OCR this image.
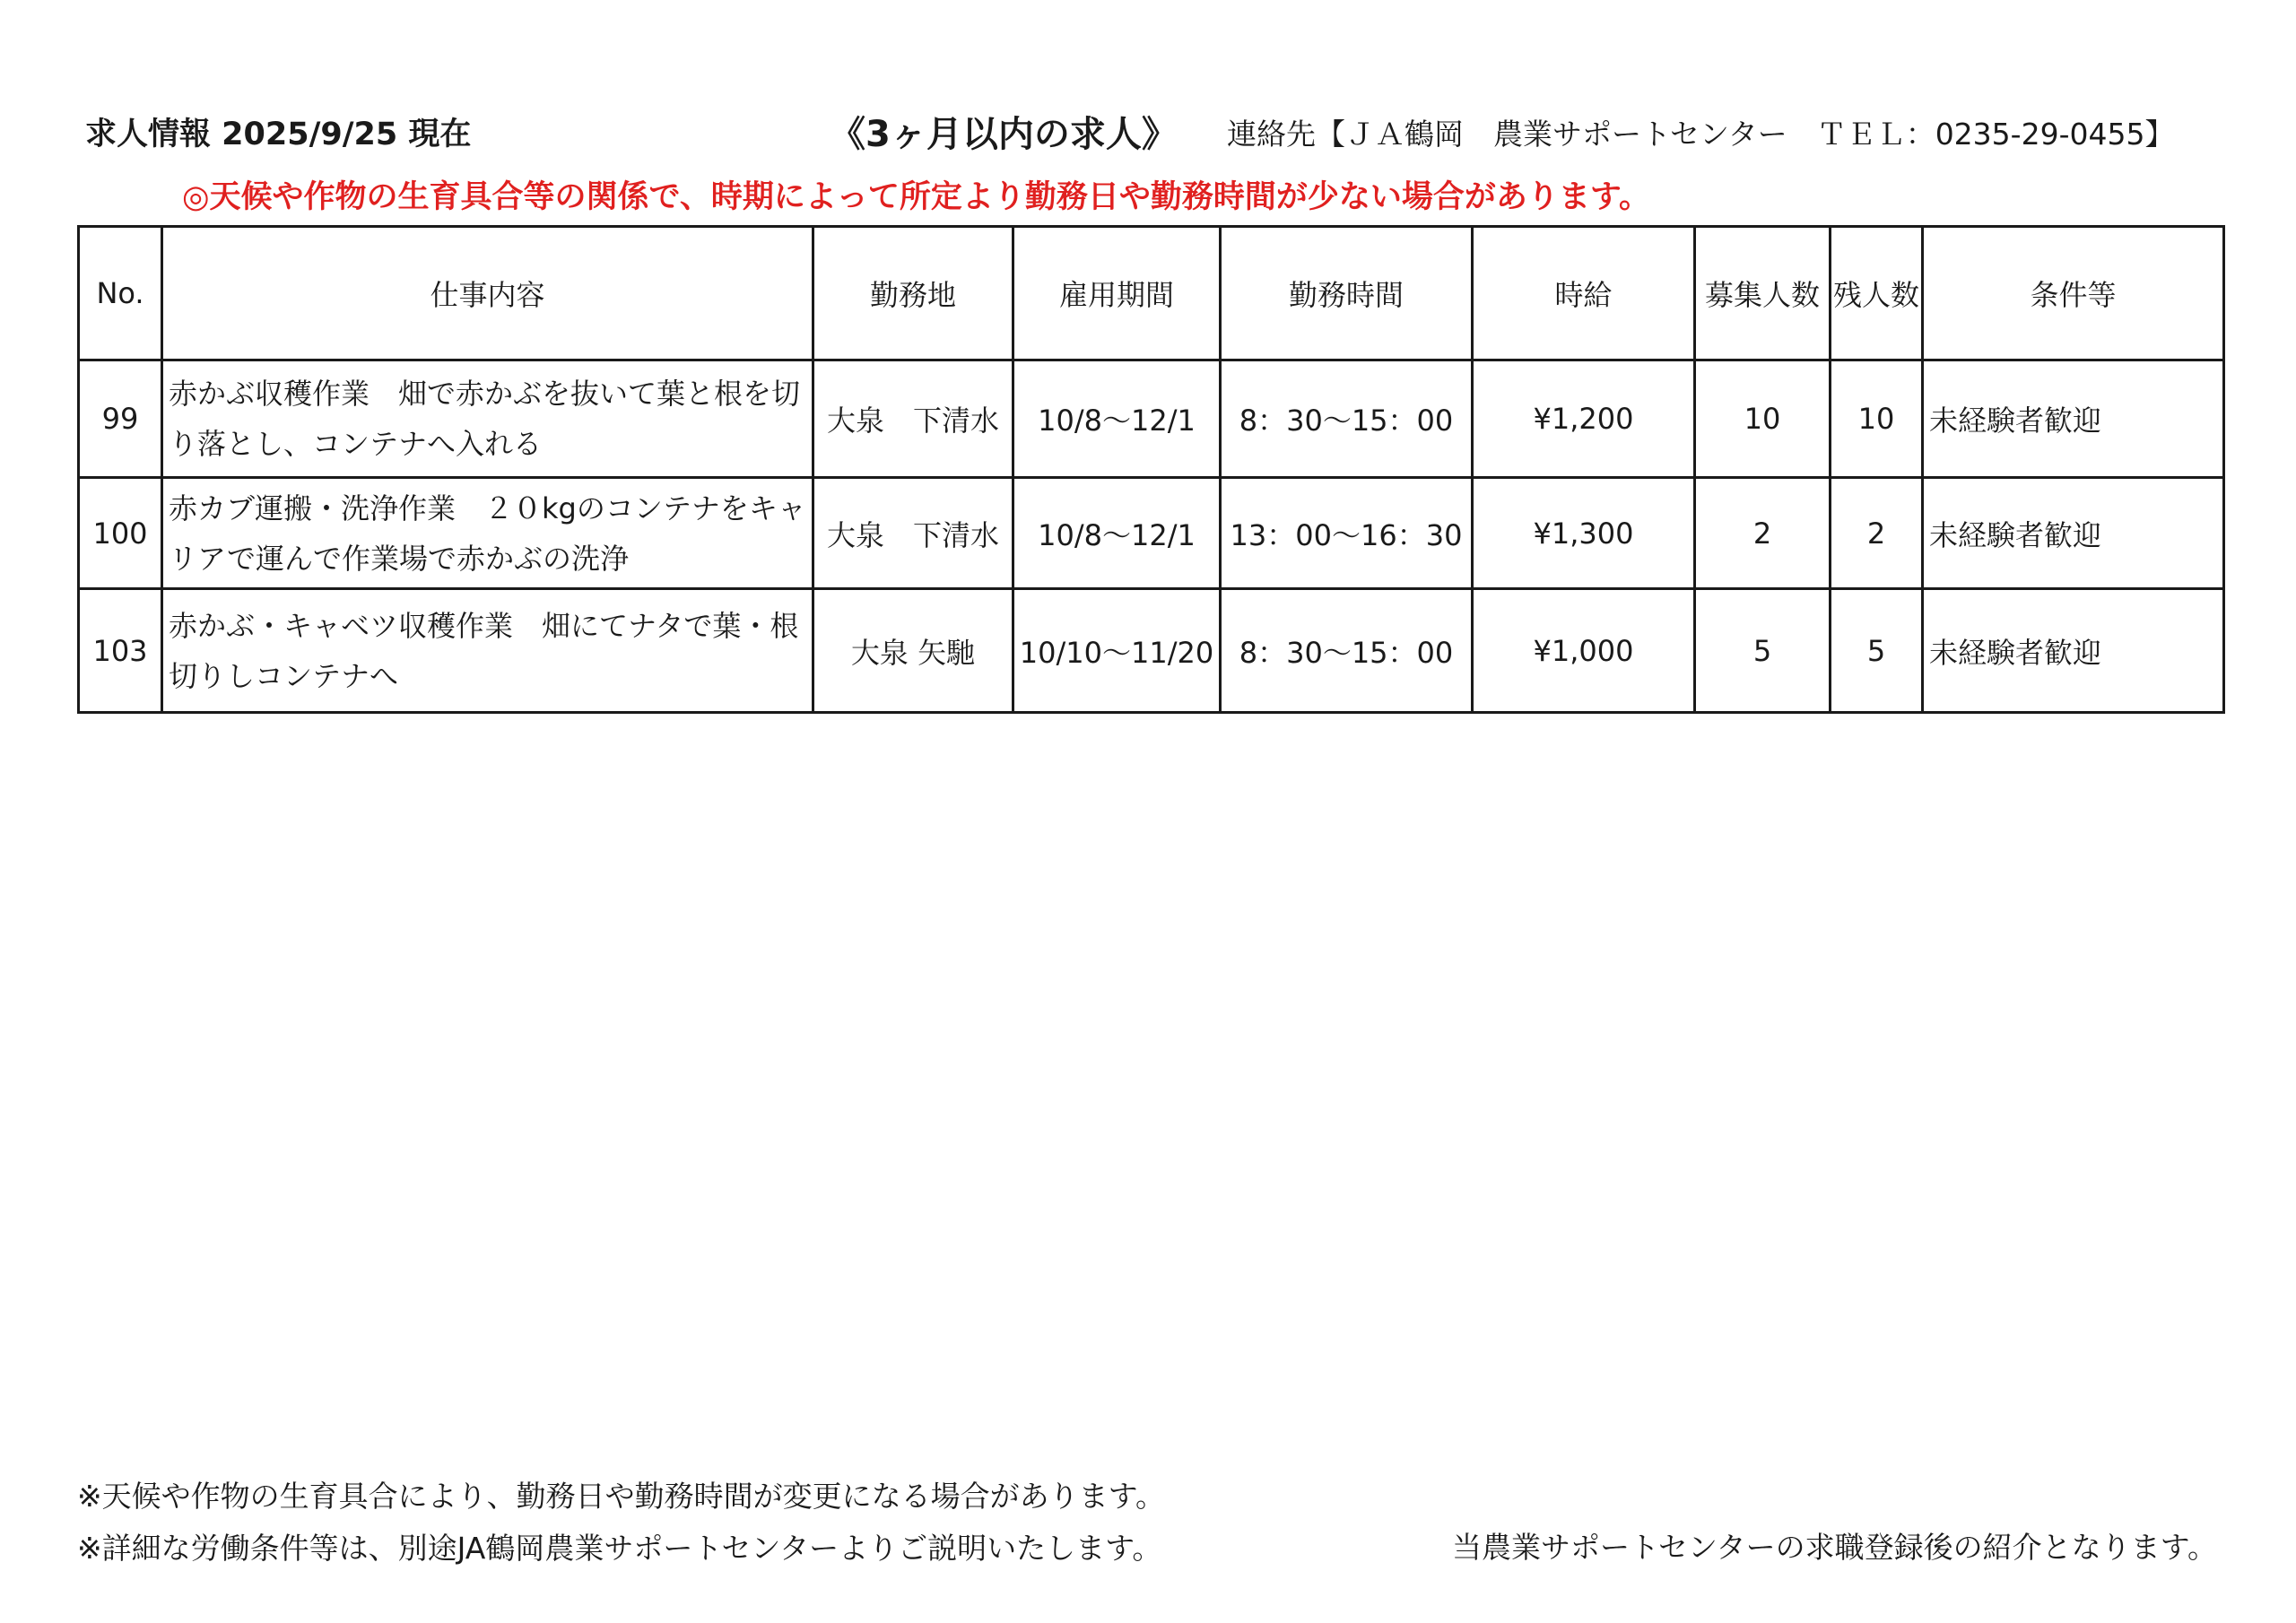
求人情報 2025/9/25 現在	《3ヶ月以内の求人》 連絡先【ＪＡ鶴岡　農業サポートセンター　ＴＥＬ：0235-29-0455】
◎天候や作物の生育具合等の関係で、時期によって所定より勤務日や勤務時間が少ない場合があります。
No.	仕事内容	勤務地	雇用期間	勤務時間	時給	募集人数	残人数	条件等
99	赤かぶ収穫作業　畑で赤かぶを抜いて葉と根を切り落とし、コンテナへ入れる	大泉　下清水	10/8～12/1	8：30～15：00	¥1,200	10	10	未経験者歓迎
100	赤カブ運搬・洗浄作業　２０kgのコンテナをキャリアで運んで作業場で赤かぶの洗浄	大泉　下清水	10/8～12/1	13：00～16：30	¥1,300	2	2	未経験者歓迎
103	赤かぶ・キャベツ収穫作業　畑にてナタで葉・根切りしコンテナへ	大泉 矢馳	10/10～11/20	8：30～15：00	¥1,000	5	5	未経験者歓迎
※天候や作物の生育具合により、勤務日や勤務時間が変更になる場合があります。
※詳細な労働条件等は、別途JA鶴岡農業サポートセンターよりご説明いたします。	当農業サポートセンターの求職登録後の紹介となります。
